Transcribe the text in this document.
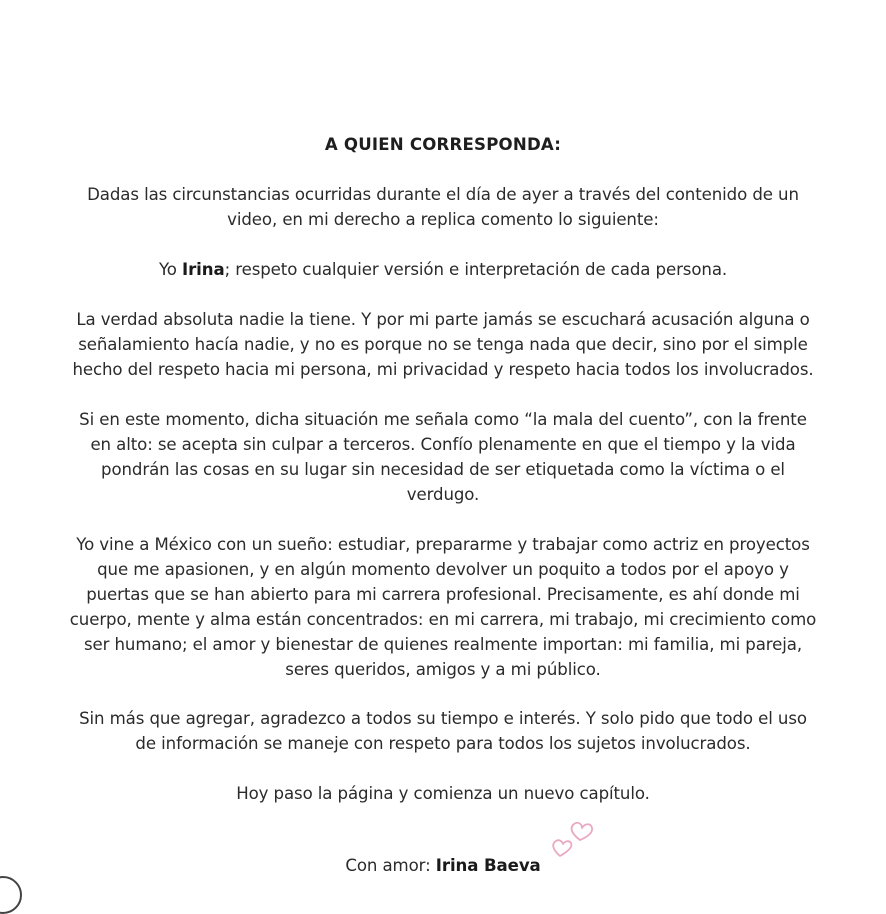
A QUIEN CORRESPONDA:

Dadas las circunstancias ocurridas durante el día de ayer a través del contenido de un
video, en mi derecho a replica comento lo siguiente:

Yo Irina; respeto cualquier versión e interpretación de cada persona.

La verdad absoluta nadie la tiene. Y por mi parte jamás se escuchará acusación alguna o
señalamiento hacía nadie, y no es porque no se tenga nada que decir, sino por el simple
hecho del respeto hacia mi persona, mi privacidad y respeto hacia todos los involucrados.

Si en este momento, dicha situación me señala como “la mala del cuento”, con la frente
en alto: se acepta sin culpar a terceros. Confío plenamente en que el tiempo y la vida
pondrán las cosas en su lugar sin necesidad de ser etiquetada como la víctima o el
verdugo.

Yo vine a México con un sueño: estudiar, prepararme y trabajar como actriz en proyectos
que me apasionen, y en algún momento devolver un poquito a todos por el apoyo y
puertas que se han abierto para mi carrera profesional. Precisamente, es ahí donde mi
cuerpo, mente y alma están concentrados: en mi carrera, mi trabajo, mi crecimiento como
ser humano; el amor y bienestar de quienes realmente importan: mi familia, mi pareja,
seres queridos, amigos y a mi público.

Sin más que agregar, agradezco a todos su tiempo e interés. Y solo pido que todo el uso
de información se maneje con respeto para todos los sujetos involucrados.

Hoy paso la página y comienza un nuevo capítulo.

Con amor: Irina Baeva
